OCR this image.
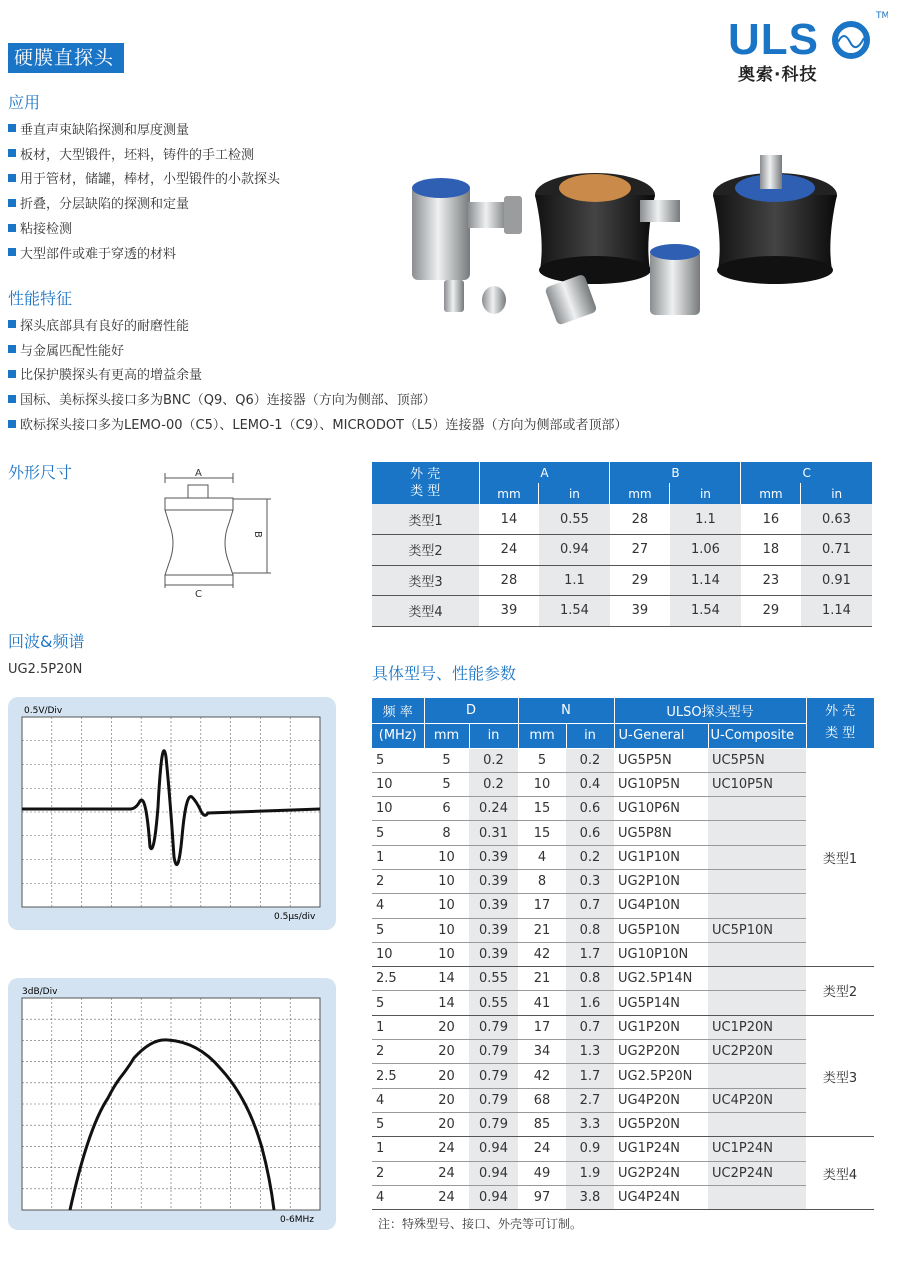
硬膜直探头	ULS	TM
奥索·科技
应用
垂直声束缺陷探测和厚度测量
板材，大型锻件，坯料，铸件的手工检测
用于管材，储罐，棒材，小型锻件的小款探头
折叠，分层缺陷的探测和定量
粘接检测
大型部件或难于穿透的材料
性能特征
探头底部具有良好的耐磨性能
与金属匹配性能好
比保护膜探头有更高的增益余量
国标、美标探头接口多为BNC（Q9、Q6）连接器（方向为侧部、顶部）
欧标探头接口多为LEMO-00（C5）、LEMO-1（C9）、MICRODOT（L5）连接器（方向为侧部或者顶部）
外形尺寸	A
B
C
外 壳
类 型	A		B		C	
	mm	in	mm	in	mm	in
类型1	14	0.55	28	1.1	16	0.63
类型2	24	0.94	27	1.06	18	0.71
类型3	28	1.1	29	1.14	23	0.91
类型4	39	1.54	39	1.54	29	1.14
回波&频谱
UG2.5P20N
0.5V/Div
0.5μs/div
3dB/Div
0-6MHz
具体型号、性能参数
频 率	D		N		ULSO探头型号		外 壳
类 型
(MHz)	mm	in	mm	in	U-General	U-Composite	
5	5	0.2	5	0.2	UG5P5N	UC5P5N	类型1
10	5	0.2	10	0.4	UG10P5N	UC10P5N	
10	6	0.24	15	0.6	UG10P6N		
5	8	0.31	15	0.6	UG5P8N		
1	10	0.39	4	0.2	UG1P10N		
2	10	0.39	8	0.3	UG2P10N		
4	10	0.39	17	0.7	UG4P10N		
5	10	0.39	21	0.8	UG5P10N	UC5P10N	
10	10	0.39	42	1.7	UG10P10N		
2.5	14	0.55	21	0.8	UG2.5P14N		类型2
5	14	0.55	41	1.6	UG5P14N		
1	20	0.79	17	0.7	UG1P20N	UC1P20N	类型3
2	20	0.79	34	1.3	UG2P20N	UC2P20N	
2.5	20	0.79	42	1.7	UG2.5P20N		
4	20	0.79	68	2.7	UG4P20N	UC4P20N	
5	20	0.79	85	3.3	UG5P20N		
1	24	0.94	24	0.9	UG1P24N	UC1P24N	类型4
2	24	0.94	49	1.9	UG2P24N	UC2P24N	
4	24	0.94	97	3.8	UG4P24N		
注：特殊型号、接口、外壳等可订制。
